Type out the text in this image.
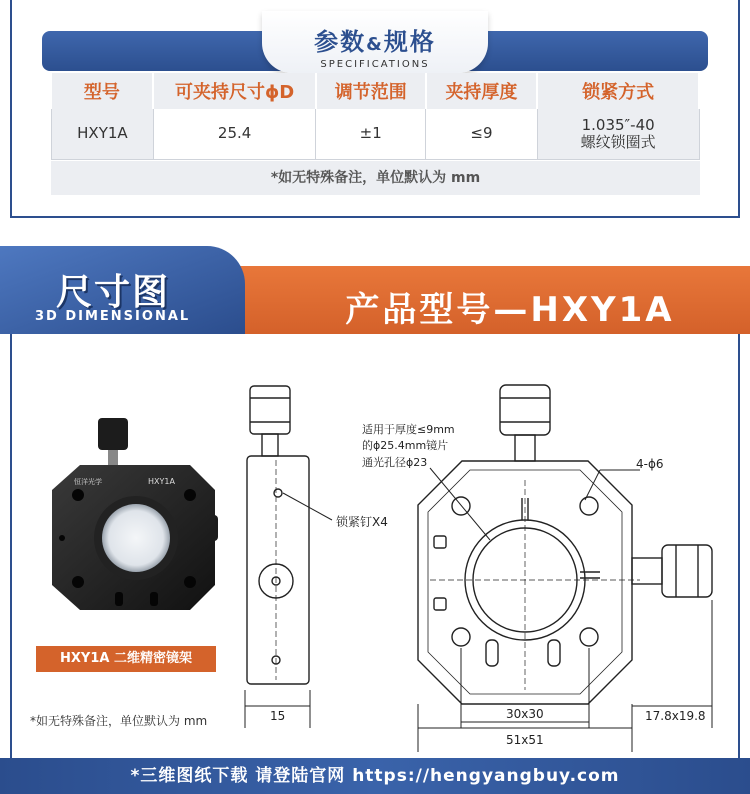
参数&规格
SPECIFICATIONS
型号	可夹持尺寸ϕD	调节范围	夹持厚度	锁紧方式
HXY1A	25.4	±1	≤9	1.035″-40
螺纹锁圈式
*如无特殊备注，单位默认为 mm
尺寸图
3D DIMENSIONAL	产品型号—HXY1A
恒洋光学	HXY1A
HXY1A 二维精密镜架
*如无特殊备注，单位默认为 mm
适用于厚度≤9mm
的ϕ25.4mm镜片
通光孔径ϕ23	4-ϕ6
锁紧钉X4
15	30x30
51x51
17.8x19.8
*三维图纸下载 请登陆官网 https://hengyangbuy.com
